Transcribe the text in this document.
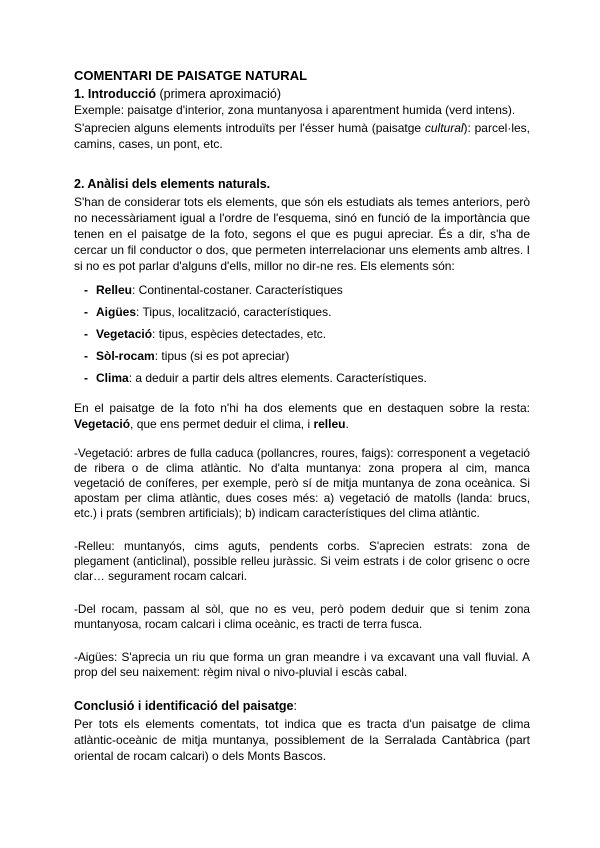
COMENTARI DE PAISATGE NATURAL
1. Introducció (primera aproximació)

Exemple: paisatge d'interior, zona muntanyosa i aparentment humida (verd intens).

S'aprecien alguns elements introduïts per l'ésser humà (paisatge cultural): parcel·les, camins, cases, un pont, etc.

2. Anàlisi dels elements naturals.

S'han de considerar tots els elements, que són els estudiats als temes anteriors, però no necessàriament igual a l'ordre de l'esquema, sinó en funció de la importància que tenen en el paisatge de la foto, segons el que es pugui apreciar. És a dir, s'ha de cercar un fil conductor o dos, que permeten interrelacionar uns elements amb altres. I si no es pot parlar d'alguns d'ells, millor no dir-ne res. Els elements són:

- Relleu: Continental-costaner. Característiques
- Aigües: Tipus, localització, característiques.
- Vegetació: tipus, espècies detectades, etc.
- Sòl-rocam: tipus (si es pot apreciar)
- Clima: a deduir a partir dels altres elements. Característiques.

En el paisatge de la foto n'hi ha dos elements que en destaquen sobre la resta: Vegetació, que ens permet deduir el clima, i relleu.

-Vegetació: arbres de fulla caduca (pollancres, roures, faigs): corresponent a vegetació de ribera o de clima atlàntic. No d'alta muntanya: zona propera al cim, manca vegetació de coníferes, per exemple, però sí de mitja muntanya de zona oceànica. Si apostam per clima atlàntic, dues coses més: a) vegetació de matolls (landa: brucs, etc.) i prats (sembren artificials); b) indicam característiques del clima atlàntic.

-Relleu: muntanyós, cims aguts, pendents corbs. S'aprecien estrats: zona de plegament (anticlinal), possible relleu juràssic. Si veim estrats i de color grisenc o ocre clar… segurament rocam calcari.

-Del rocam, passam al sòl, que no es veu, però podem deduir que si tenim zona muntanyosa, rocam calcari i clima oceànic, es tracti de terra fusca.

-Aigües: S'aprecia un riu que forma un gran meandre i va excavant una vall fluvial. A prop del seu naixement: règim nival o nivo-pluvial i escàs cabal.

Conclusió i identificació del paisatge:

Per tots els elements comentats, tot indica que es tracta d'un paisatge de clima atlàntic-oceànic de mitja muntanya, possiblement de la Serralada Cantàbrica (part oriental de rocam calcari) o dels Monts Bascos.
